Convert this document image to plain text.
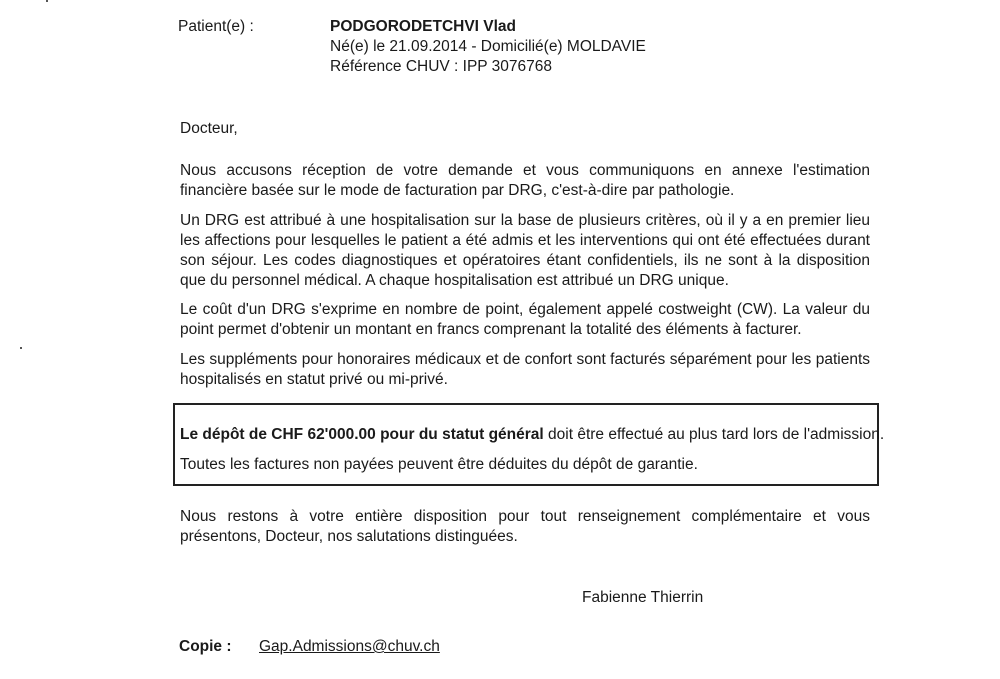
Patient(e) :	PODGORODETCHVI Vlad
Né(e) le 21.09.2014 - Domicilié(e) MOLDAVIE
Référence CHUV : IPP 3076768
Docteur,
Nous accusons réception de votre demande et vous communiquons en annexe l'estimation financière basée sur le mode de facturation par DRG, c'est-à-dire par pathologie.
Un DRG est attribué à une hospitalisation sur la base de plusieurs critères, où il y a en premier lieu les affections pour lesquelles le patient a été admis et les interventions qui ont été effectuées durant son séjour. Les codes diagnostiques et opératoires étant confidentiels, ils ne sont à la disposition que du personnel médical. A chaque hospitalisation est attribué un DRG unique.
Le coût d'un DRG s'exprime en nombre de point, également appelé costweight (CW). La valeur du point permet d'obtenir un montant en francs comprenant la totalité des éléments à facturer.
Les suppléments pour honoraires médicaux et de confort sont facturés séparément pour les patients hospitalisés en statut privé ou mi-privé.
Le dépôt de CHF 62'000.00 pour du statut général doit être effectué au plus tard lors de l'admission.
Toutes les factures non payées peuvent être déduites du dépôt de garantie.
Nous restons à votre entière disposition pour tout renseignement complémentaire et vous présentons, Docteur, nos salutations distinguées.
Fabienne Thierrin
Copie : Gap.Admissions@chuv.ch
